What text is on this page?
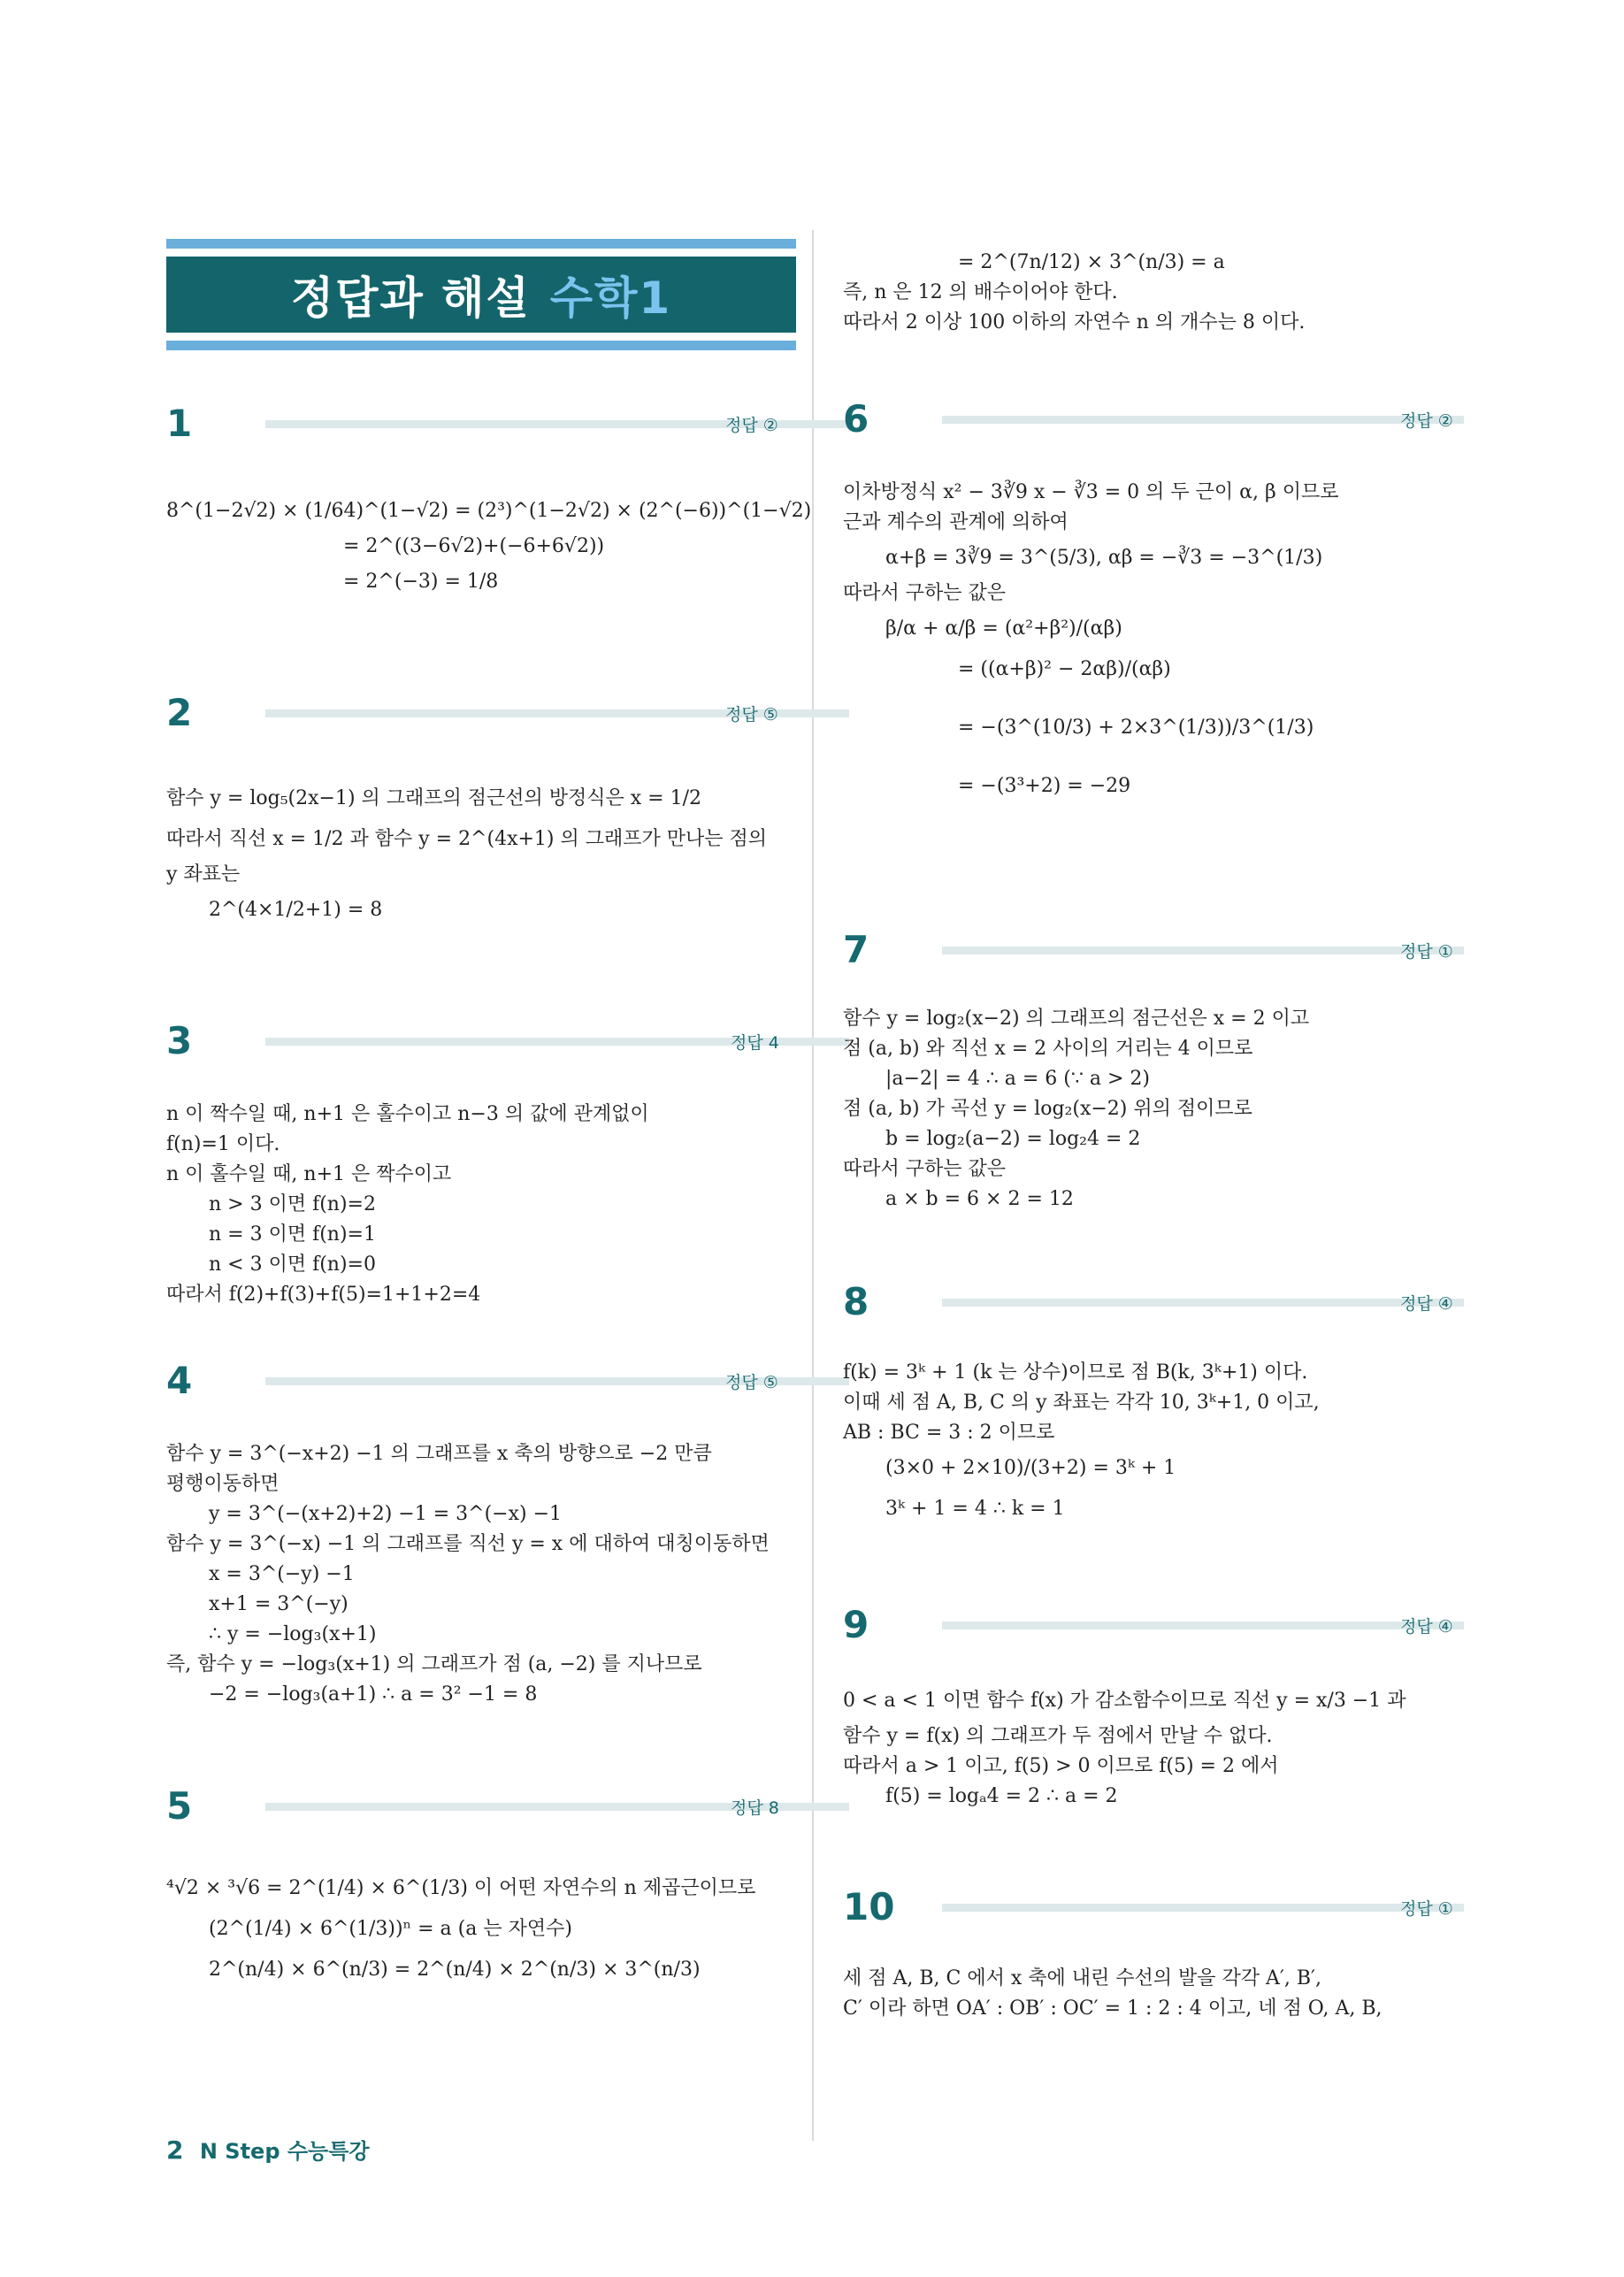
정답과 해설 수학1
1	정답 ②
8^(1−2√2) × (1/64)^(1−√2) = (2³)^(1−2√2) × (2^(−6))^(1−√2)
= 2^((3−6√2)+(−6+6√2))
= 2^(−3) = 1/8
2	정답 ⑤
함수 y = log₅(2x−1) 의 그래프의 점근선의 방정식은 x = 1/2
따라서 직선 x = 1/2 과 함수 y = 2^(4x+1) 의 그래프가 만나는 점의
y 좌표는
2^(4×1/2+1) = 8
3	정답 4
n 이 짝수일 때, n+1 은 홀수이고 n−3 의 값에 관계없이
f(n)=1 이다.
n 이 홀수일 때, n+1 은 짝수이고
n > 3 이면 f(n)=2
n = 3 이면 f(n)=1
n < 3 이면 f(n)=0
따라서 f(2)+f(3)+f(5)=1+1+2=4
4	정답 ⑤
함수 y = 3^(−x+2) −1 의 그래프를 x 축의 방향으로 −2 만큼
평행이동하면
y = 3^(−(x+2)+2) −1 = 3^(−x) −1
함수 y = 3^(−x) −1 의 그래프를 직선 y = x 에 대하여 대칭이동하면
x = 3^(−y) −1
x+1 = 3^(−y)
∴ y = −log₃(x+1)
즉, 함수 y = −log₃(x+1) 의 그래프가 점 (a, −2) 를 지나므로
−2 = −log₃(a+1) ∴ a = 3² −1 = 8
5	정답 8
⁴√2 × ³√6 = 2^(1/4) × 6^(1/3) 이 어떤 자연수의 n 제곱근이므로
(2^(1/4) × 6^(1/3))ⁿ = a (a 는 자연수)
2^(n/4) × 6^(n/3) = 2^(n/4) × 2^(n/3) × 3^(n/3)
= 2^(7n/12) × 3^(n/3) = a
즉, n 은 12 의 배수이어야 한다.
따라서 2 이상 100 이하의 자연수 n 의 개수는 8 이다.
6	정답 ②
이차방정식 x² − 3∛9 x − ∛3 = 0 의 두 근이 α, β 이므로
근과 계수의 관계에 의하여
α+β = 3∛9 = 3^(5/3), αβ = −∛3 = −3^(1/3)
따라서 구하는 값은
β/α + α/β = (α²+β²)/(αβ)
= ((α+β)² − 2αβ)/(αβ)
= −(3^(10/3) + 2×3^(1/3))/3^(1/3)
= −(3³+2) = −29
7	정답 ①
함수 y = log₂(x−2) 의 그래프의 점근선은 x = 2 이고
점 (a, b) 와 직선 x = 2 사이의 거리는 4 이므로
|a−2| = 4 ∴ a = 6 (∵ a > 2)
점 (a, b) 가 곡선 y = log₂(x−2) 위의 점이므로
b = log₂(a−2) = log₂4 = 2
따라서 구하는 값은
a × b = 6 × 2 = 12
8	정답 ④
f(k) = 3ᵏ + 1 (k 는 상수)이므로 점 B(k, 3ᵏ+1) 이다.
이때 세 점 A, B, C 의 y 좌표는 각각 10, 3ᵏ+1, 0 이고,
AB : BC = 3 : 2 이므로
(3×0 + 2×10)/(3+2) = 3ᵏ + 1
3ᵏ + 1 = 4 ∴ k = 1
9	정답 ④
0 < a < 1 이면 함수 f(x) 가 감소함수이므로 직선 y = x/3 −1 과
함수 y = f(x) 의 그래프가 두 점에서 만날 수 없다.
따라서 a > 1 이고, f(5) > 0 이므로 f(5) = 2 에서
f(5) = logₐ4 = 2 ∴ a = 2
10	정답 ①
세 점 A, B, C 에서 x 축에 내린 수선의 발을 각각 A′, B′,
C′ 이라 하면 OA′ : OB′ : OC′ = 1 : 2 : 4 이고, 네 점 O, A, B,
2 N Step 수능특강
